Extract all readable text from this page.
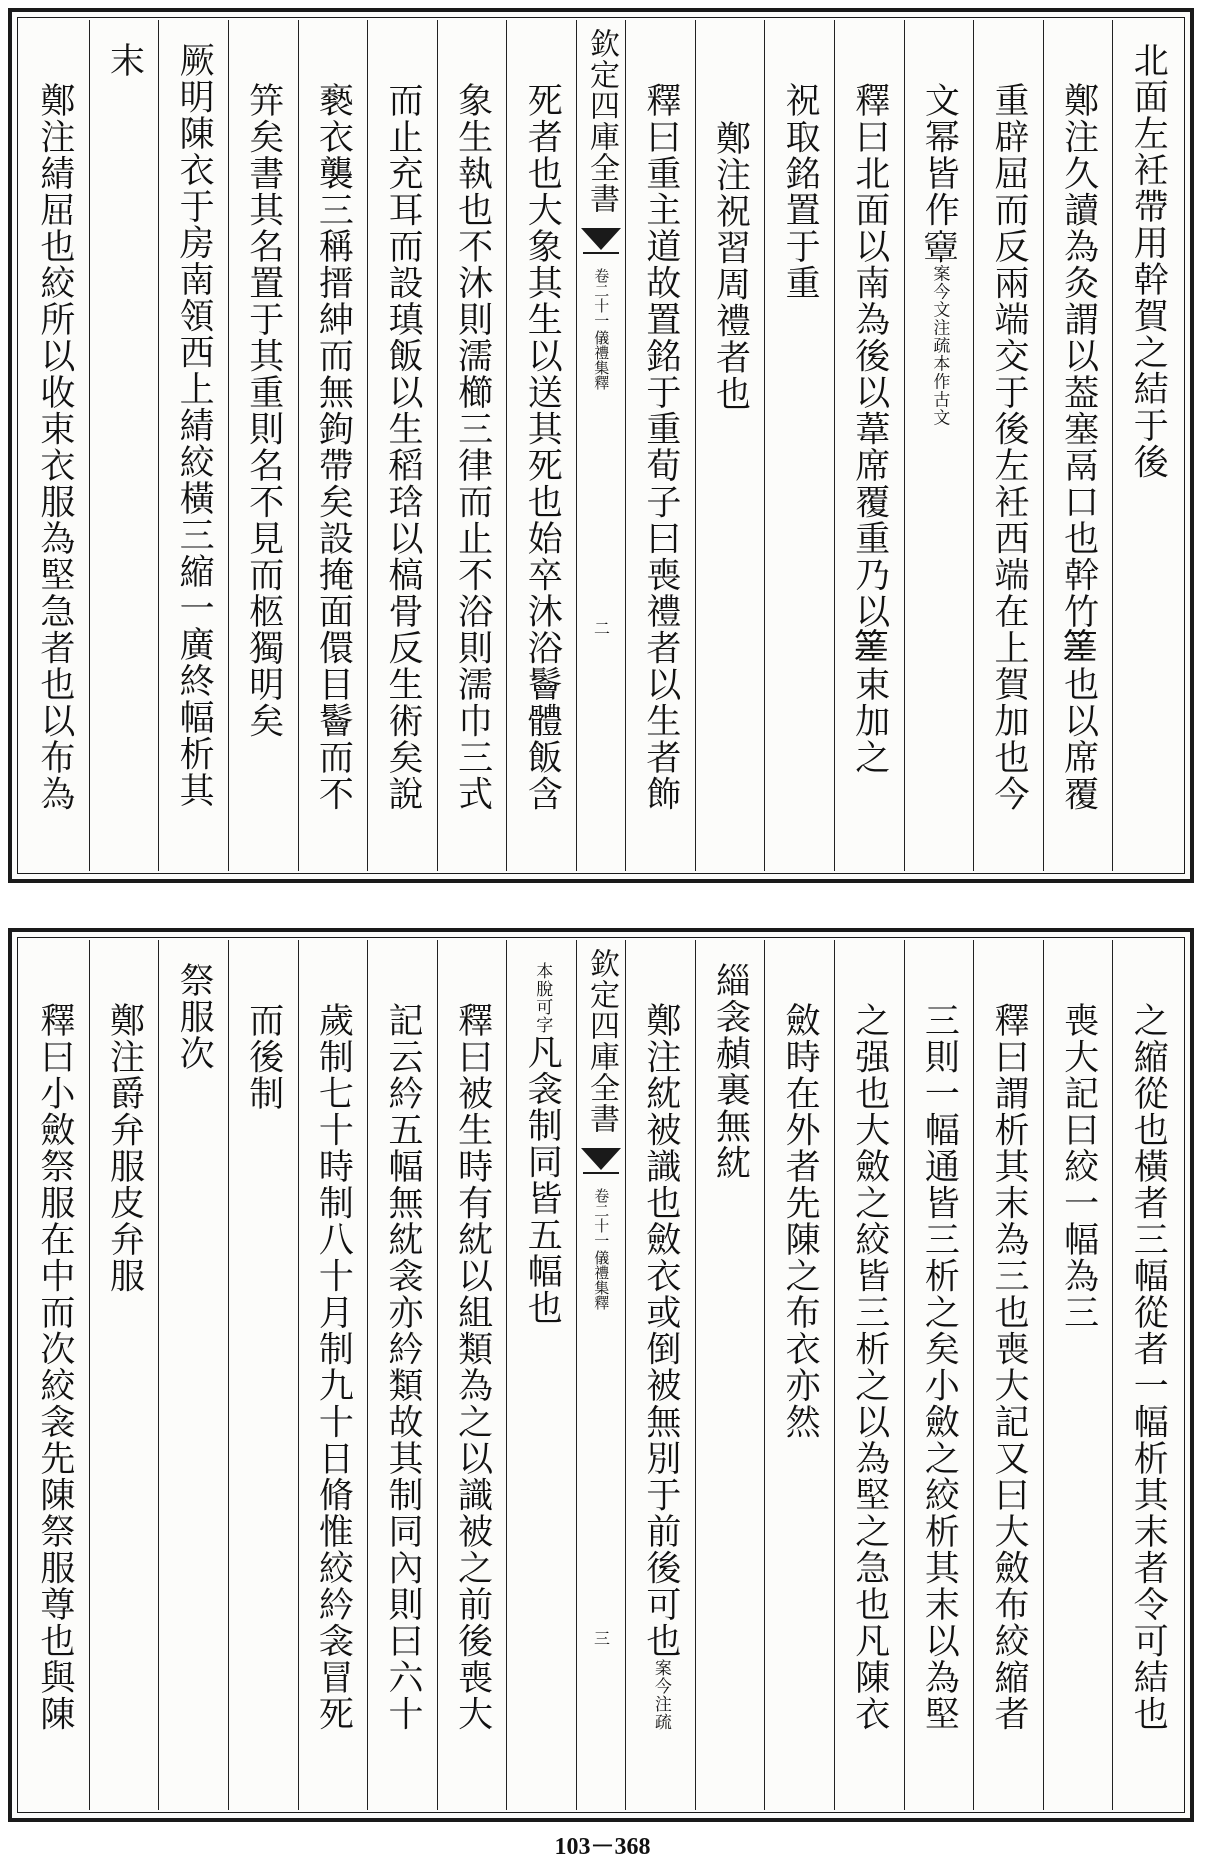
北面左衽帶用幹賀之結于後
鄭注久讀為灸謂以葢塞鬲口也幹竹𥰭也以席覆
重辟屈而反兩端交于後左衽西端在上賀加也今
文幂皆作𥨎案今文注疏本作古文
釋曰北面以南為後以葦席覆重乃以𥰭束加之
祝取銘置于重
鄭注祝習周禮者也
釋曰重主道故置銘于重荀子曰喪禮者以生者飾
欽定四庫全書
儀禮集釋
卷二十一
二
死者也大象其生以送其死也始卒沐浴鬠體飯含
象生執也不沐則濡櫛三律而止不浴則濡巾三式
而止充耳而設瑱飯以生稻琀以槁骨反生術矣說
褻衣襲三稱搢紳而無鉤帶矣設掩面儇目鬠而不
笄矣書其名置于其重則名不見而柩獨明矣
厥明陳衣于房南領西上綪絞橫三縮一廣終幅析其
末
鄭注綪屈也絞所以收束衣服為堅急者也以布為
之縮從也橫者三幅從者一幅析其末者令可結也
喪大記曰絞一幅為三
釋曰謂析其末為三也喪大記又曰大斂布絞縮者
三則一幅通皆三析之矣小斂之絞析其末以為堅
之强也大斂之絞皆三析之以為堅之急也凡陳衣
斂時在外者先陳之布衣亦然
緇衾赬裏無紞
鄭注紞被識也斂衣或倒被無別于前後可也案今注疏
欽定四庫全書
儀禮集釋
卷二十一
三
本脫可字凡衾制同皆五幅也
釋曰被生時有紞以組類為之以識被之前後喪大
記云紟五幅無紞衾亦紟類故其制同內則曰六十
歲制七十時制八十月制九十日脩惟絞紟衾冒死
而後制
祭服次
鄭注爵弁服皮弁服
釋曰小斂祭服在中而次絞衾先陳祭服尊也與陳
103－368
